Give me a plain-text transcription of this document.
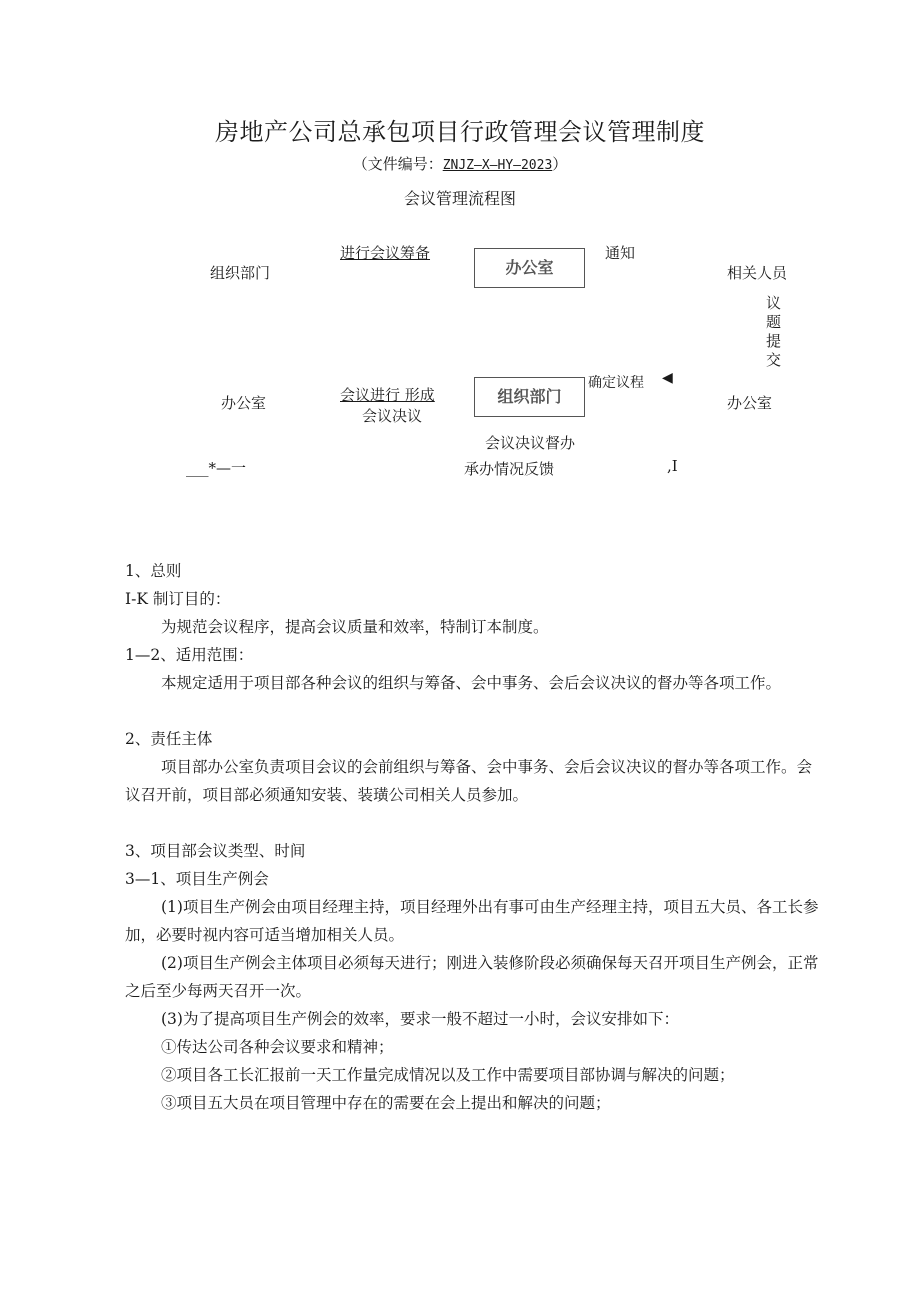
房地产公司总承包项目行政管理会议管理制度
（文件编号：ZNJZ—X—HY—2023）
会议管理流程图
组织部门
进行会议筹备
办公室
通知
相关人员
议
题
提
交
办公室	会议进行 形成
会议决议
组织部门
确定议程 ◀
办公室
会议决议督办
___*—一	承办情况反馈	,I

1、总则

I-K 制订目的：

为规范会议程序，提高会议质量和效率，特制订本制度。

1—2、适用范围：

本规定适用于项目部各种会议的组织与筹备、会中事务、会后会议决议的督办等各项工作。

2、责任主体

项目部办公室负责项目会议的会前组织与筹备、会中事务、会后会议决议的督办等各项工作。会议召开前，项目部必须通知安装、装璜公司相关人员参加。

3、项目部会议类型、时间

3—1、项目生产例会

(1)项目生产例会由项目经理主持，项目经理外出有事可由生产经理主持，项目五大员、各工长参加，必要时视内容可适当增加相关人员。

(2)项目生产例会主体项目必须每天进行；刚进入装修阶段必须确保每天召开项目生产例会，正常之后至少每两天召开一次。

(3)为了提高项目生产例会的效率，要求一般不超过一小时，会议安排如下：

①传达公司各种会议要求和精神；

②项目各工长汇报前一天工作量完成情况以及工作中需要项目部协调与解决的问题；

③项目五大员在项目管理中存在的需要在会上提出和解决的问题；
